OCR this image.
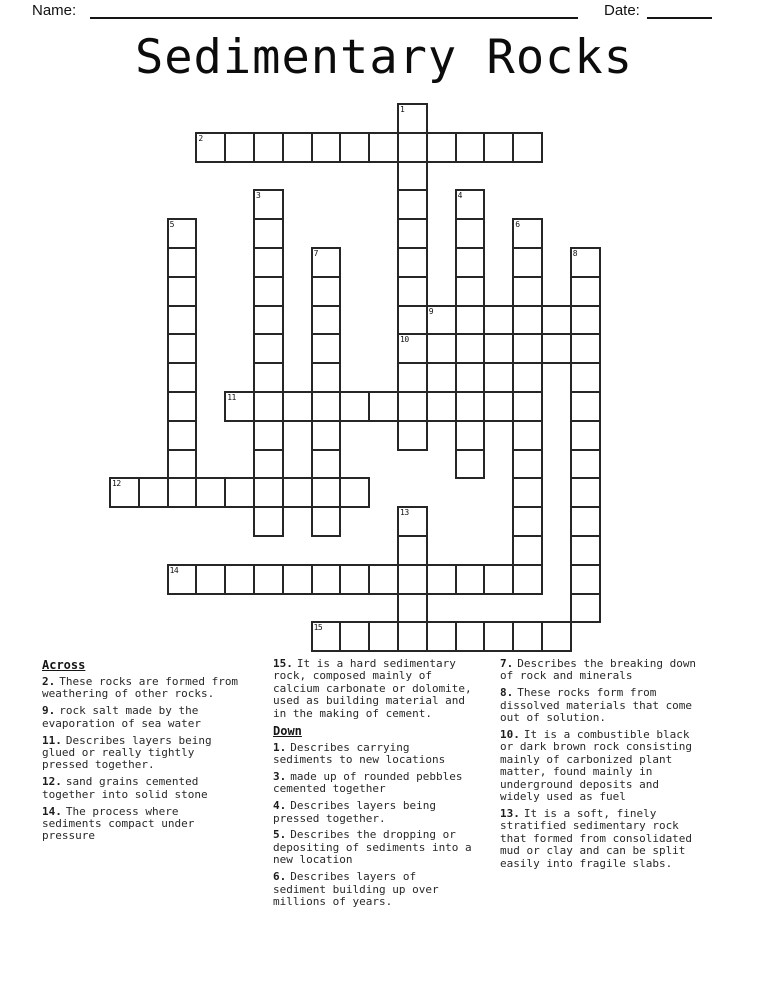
Name:	Date:
Sedimentary Rocks
1
2
3	4
5	6
7	8
9
10
11
12
13
14
15
Across

2. These rocks are formed from weathering of other rocks.

9. rock salt made by the evaporation of sea water

11. Describes layers being glued or really tightly pressed together.

12. sand grains cemented together into solid stone

14. The process where sediments compact under pressure

15. It is a hard sedimentary rock, composed mainly of calcium carbonate or dolomite, used as building material and in the making of cement.

Down

1. Describes carrying sediments to new locations

3. made up of rounded pebbles cemented together

4. Describes layers being pressed together.

5. Describes the dropping or depositing of sediments into a new location

6. Describes layers of sediment building up over millions of years.

7. Describes the breaking down of rock and minerals

8. These rocks form from dissolved materials that come out of solution.

10. It is a combustible black or dark brown rock consisting mainly of carbonized plant matter, found mainly in underground deposits and widely used as fuel

13. It is a soft, finely stratified sedimentary rock that formed from consolidated mud or clay and can be split easily into fragile slabs.
